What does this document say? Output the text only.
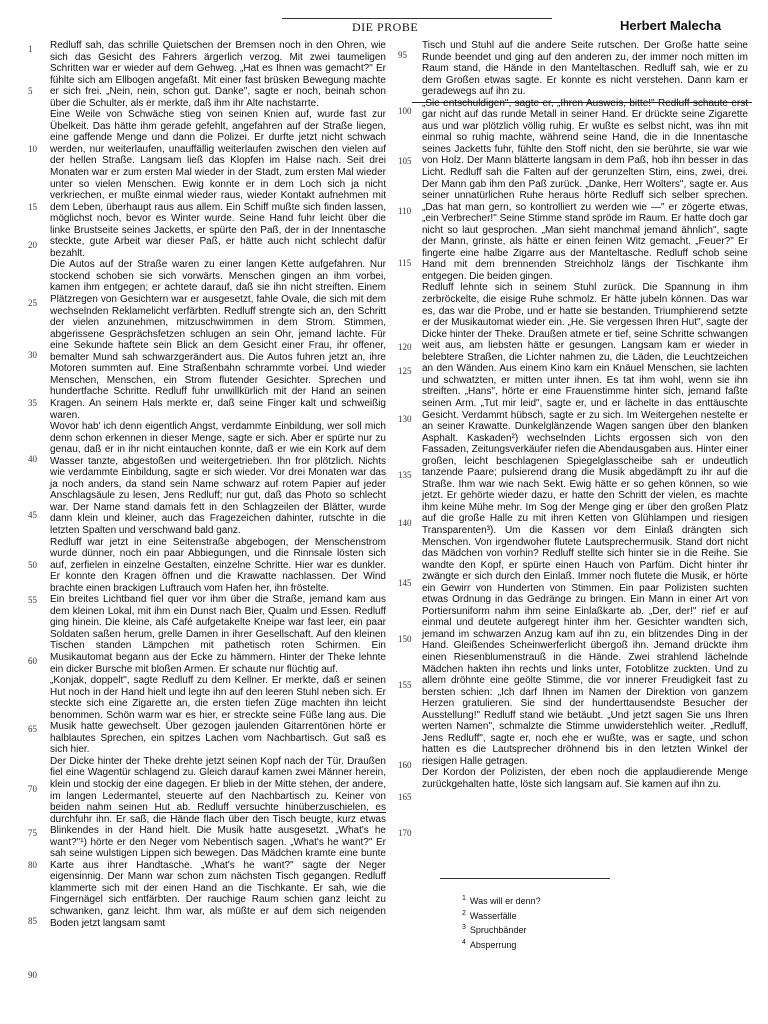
DIE PROBE	Herbert Malecha
1
5
10
15
20
25
30
35
40
45
50
55
60
65
70
75
80
85
90
95
100
105
110
115
120
125
130
135
140
145
150
155
160
165
170

Redluff sah, das schrille Quietschen der Bremsen noch in den Ohren, wie sich das Gesicht des Fahrers ärgerlich verzog. Mit zwei taumeligen Schritten war er wieder auf dem Gehweg. „Hat es Ihnen was gemacht?" Er fühlte sich am Ellbogen angefaßt. Mit einer fast brüsken Bewegung machte er sich frei. „Nein, nein, schon gut. Danke", sagte er noch, beinah schon über die Schulter, als er merkte, daß ihm ihr Alte nachstarrte.

Eine Weile von Schwäche stieg von seinen Knien auf, wurde fast zur Übelkeit. Das hätte ihm gerade gefehlt, angefahren auf der Straße liegen, eine gaffende Menge und dann die Polizei. Er durfte jetzt nicht schwach werden, nur weiterlaufen, unauffällig weiterlaufen zwischen den vielen auf der hellen Straße. Langsam ließ das Klopfen im Halse nach. Seit drei Monaten war er zum ersten Mal wieder in der Stadt, zum ersten Mal wieder unter so vielen Menschen. Ewig konnte er in dem Loch sich ja nicht verkriechen, er mußte einmal wieder raus, wieder Kontakt aufnehmen mit dem Leben, überhaupt raus aus allem. Ein Schiff mußte sich finden lassen, möglichst noch, bevor es Winter wurde. Seine Hand fuhr leicht über die linke Brustseite seines Jacketts, er spürte den Paß, der in der Innentasche steckte, gute Arbeit war dieser Paß, er hätte auch nicht schlecht dafür bezahlt.

Die Autos auf der Straße waren zu einer langen Kette aufgefahren. Nur stockend schoben sie sich vorwärts. Menschen gingen an ihm vorbei, kamen ihm entgegen; er achtete darauf, daß sie ihn nicht streiften. Einem Plätzregen von Gesichtern war er ausgesetzt, fahle Ovale, die sich mit dem wechselnden Reklamelicht verfärbten. Redluff strengte sich an, den Schritt der vielen anzunehmen, mitzuschwimmen in dem Strom. Stimmen, abgerissene Gesprächsfetzen schlugen an sein Ohr, jemand lachte. Für eine Sekunde haftete sein Blick an dem Gesicht einer Frau, ihr offener, bemalter Mund sah schwarzgerändert aus. Die Autos fuhren jetzt an, ihre Motoren summten auf. Eine Straßenbahn schrammte vorbei. Und wieder Menschen, Menschen, ein Strom flutender Gesichter. Sprechen und hundertfache Schritte. Redluff fuhr unwillkürlich mit der Hand an seinen Kragen. An seinem Hals merkte er, daß seine Finger kalt und schweißig waren.

Wovor hab' ich denn eigentlich Angst, verdammte Einbildung, wer soll mich denn schon erkennen in dieser Menge, sagte er sich. Aber er spürte nur zu genau, daß er in ihr nicht eintauchen konnte, daß er wie ein Kork auf dem Wasser tanzte, abgestoßen und weitergetrieben. Ihn fror plötzlich. Nichts wie verdammte Einbildung, sagte er sich wieder. Vor drei Monaten war das ja noch anders, da stand sein Name schwarz auf rotem Papier auf jeder Anschlagsäule zu lesen, Jens Redluff; nur gut, daß das Photo so schlecht war. Der Name stand damals fett in den Schlagzeilen der Blätter, wurde dann klein und kleiner, auch das Fragezeichen dahinter, rutschte in die letzten Spalten und verschwand bald ganz.

Redluff war jetzt in eine Seitenstraße abgebogen, der Menschenstrom wurde dünner, noch ein paar Abbiegungen, und die Rinnsale lösten sich auf, zerfielen in einzelne Gestalten, einzelne Schritte. Hier war es dunkler. Er konnte den Kragen öffnen und die Krawatte nachlassen. Der Wind brachte einen brackigen Luftrauch vom Hafen her, ihn fröstelte.

Ein breites Lichtband fiel quer vor ihm über die Straße, jemand kam aus dem kleinen Lokal, mit ihm ein Dunst nach Bier, Qualm und Essen. Redluff ging hinein. Die kleine, als Café aufgetakelte Kneipe war fast leer, ein paar Soldaten saßen herum, grelle Damen in ihrer Gesellschaft. Auf den kleinen Tischen standen Lämpchen mit pathetisch roten Schirmen. Ein Musikautomat begann aus der Ecke zu hämmern. Hinter der Theke lehnte ein dicker Bursche mit bloßen Armen. Er schaute nur flüchtig auf.

„Konjak, doppelt", sagte Redluff zu dem Kellner. Er merkte, daß er seinen Hut noch in der Hand hielt und legte ihn auf den leeren Stuhl neben sich. Er steckte sich eine Zigarette an, die ersten tiefen Züge machten ihn leicht benommen. Schön warm war es hier, er streckte seine Füße lang aus. Die Musik hatte gewechselt. Über gezogen jaulenden Gitarrentönen hörte er halblautes Sprechen, ein spitzes Lachen vom Nachbartisch. Gut saß es sich hier.

Der Dicke hinter der Theke drehte jetzt seinen Kopf nach der Tür. Draußen fiel eine Wagentür schlagend zu. Gleich darauf kamen zwei Männer herein, klein und stockig der eine dagegen. Er blieb in der Mitte stehen, der andere, im langen Ledermantel, steuerte auf den Nachbartisch zu. Keiner von beiden nahm seinen Hut ab. Redluff versuchte hinüberzuschielen, es durchfuhr ihn. Er saß, die Hände flach über den Tisch beugte, kurz etwas Blinkendes in der Hand hielt. Die Musik hatte ausgesetzt. „What's he want?"¹) hörte er den Neger vom Nebentisch sagen. „What's he want?" Er sah seine wulstigen Lippen sich bewegen. Das Mädchen kramte eine bunte Karte aus ihrer Handtasche. „What's he want?" sagte der Neger eigensinnig. Der Mann war schon zum nächsten Tisch gegangen. Redluff klammerte sich mit der einen Hand an die Tischkante. Er sah, wie die Fingernägel sich entfärbten. Der rauchige Raum schien ganz leicht zu schwanken, ganz leicht. Ihm war, als müßte er auf dem sich neigenden Boden jetzt langsam samt

Tisch und Stuhl auf die andere Seite rutschen. Der Große hatte seine Runde beendet und ging auf den anderen zu, der immer noch mitten im Raum stand, die Hände in den Manteltaschen. Redluff sah, wie er zu dem Großen etwas sagte. Er konnte es nicht verstehen. Dann kam er geradewegs auf ihn zu.

„Sie entschuldigen", sagte er, „Ihren Ausweis, bitte!" Redluff schaute erst gar nicht auf das runde Metall in seiner Hand. Er drückte seine Zigarette aus und war plötzlich völlig ruhig. Er wußte es selbst nicht, was ihn mit einmal so ruhig machte, während seine Hand, die in die Innentasche seines Jacketts fuhr, fühlte den Stoff nicht, den sie berührte, sie war wie von Holz. Der Mann blätterte langsam in dem Paß, hob ihn besser in das Licht. Redluff sah die Falten auf der gerunzelten Stirn, eins, zwei, drei. Der Mann gab ihm den Paß zurück. „Danke, Herr Wolters", sagte er. Aus seiner unnatürlichen Ruhe heraus hörte Redluff sich selber sprechen. „Das hat man gern, so kontrolliert zu werden wie —" er zögerte etwas, „ein Verbrecher!" Seine Stimme stand spröde im Raum. Er hatte doch gar nicht so laut gesprochen. „Man sieht manchmal jemand ähnlich", sagte der Mann, grinste, als hätte er einen feinen Witz gemacht. „Feuer?" Er fingerte eine halbe Zigarre aus der Manteltasche. Redluff schob seine Hand mit dem brennenden Streichholz längs der Tischkante ihm entgegen. Die beiden gingen.

Redluff lehnte sich in seinem Stuhl zurück. Die Spannung in ihm zerbröckelte, die eisige Ruhe schmolz. Er hätte jubeln können. Das war es, das war die Probe, und er hatte sie bestanden. Triumphierend setzte er der Musikautomat wieder ein. „He. Sie vergessen Ihren Hut", sagte der Dicke hinter der Theke. Draußen atmete er tief, seine Schritte schwangen weit aus, am liebsten hätte er gesungen. Langsam kam er wieder in belebtere Straßen, die Lichter nahmen zu, die Läden, die Leuchtzeichen an den Wänden. Aus einem Kino kam ein Knäuel Menschen, sie lachten und schwatzten, er mitten unter ihnen. Es tat ihm wohl, wenn sie ihn streiften. „Hans", hörte er eine Frauenstimme hinter sich, jemand faßte seinen Arm. „Tut mir leid", sagte er, und er lächelte in das enttäuschte Gesicht. Verdammt hübsch, sagte er zu sich. Im Weitergehen nestelte er an seiner Krawatte. Dunkelglänzende Wagen sangen über den blanken Asphalt. Kaskaden²) wechselnden Lichts ergossen sich von den Fassaden, Zeitungsverkäufer riefen die Abendausgaben aus. Hinter einer großen, leicht beschlagenen Spiegelglasscheibe sah er undeutlich tanzende Paare; pulsierend drang die Musik abgedämpft zu ihr auf die Straße. Ihm war wie nach Sekt. Ewig hätte er so gehen können, so wie jetzt. Er gehörte wieder dazu, er hatte den Schritt der vielen, es machte ihm keine Mühe mehr. Im Sog der Menge ging er über den großen Platz auf die große Halle zu mit ihren Ketten von Glühlampen und riesigen Transparenten³). Um die Kassen vor dem Einlaß drängten sich Menschen. Von irgendwoher flutete Lautsprechermusik. Stand dort nicht das Mädchen von vorhin? Redluff stellte sich hinter sie in die Reihe. Sie wandte den Kopf, er spürte einen Hauch von Parfüm. Dicht hinter ihr zwängte er sich durch den Einlaß. Immer noch flutete die Musik, er hörte ein Gewirr von Hunderten von Stimmen. Ein paar Polizisten suchten etwas Ordnung in das Gedränge zu bringen. Ein Mann in einer Art von Portiersuniform nahm ihm seine Einlaßkarte ab. „Der, der!" rief er auf einmal und deutete aufgeregt hinter ihm her. Gesichter wandten sich, jemand im schwarzen Anzug kam auf ihn zu, ein blitzendes Ding in der Hand. Gleißendes Scheinwerferlicht übergoß ihn. Jemand drückte ihm einen Riesenblumenstrauß in die Hände. Zwei strahlend lächelnde Mädchen hakten ihn rechts und links unter, Fotoblitze zuckten. Und zu allem dröhnte eine geölte Stimme, die vor innerer Freudigkeit fast zu bersten schien: „Ich darf Ihnen im Namen der Direktion von ganzem Herzen gratulieren. Sie sind der hunderttausendste Besucher der Ausstellung!" Redluff stand wie betäubt. „Und jetzt sagen Sie uns Ihren werten Namen", schmalzte die Stimme unwiderstehlich weiter. „Redluff, Jens Redluff", sagte er, noch ehe er wußte, was er sagte, und schon hatten es die Lautsprecher dröhnend bis in den letzten Winkel der riesigen Halle getragen.

Der Kordon der Polizisten, der eben noch die applaudierende Menge zurückgehalten hatte, löste sich langsam auf. Sie kamen auf ihn zu.

$^1$ Was will er denn?
$^2$ Wasserfälle
$^3$ Spruchbänder
$^4$ Absperrung
